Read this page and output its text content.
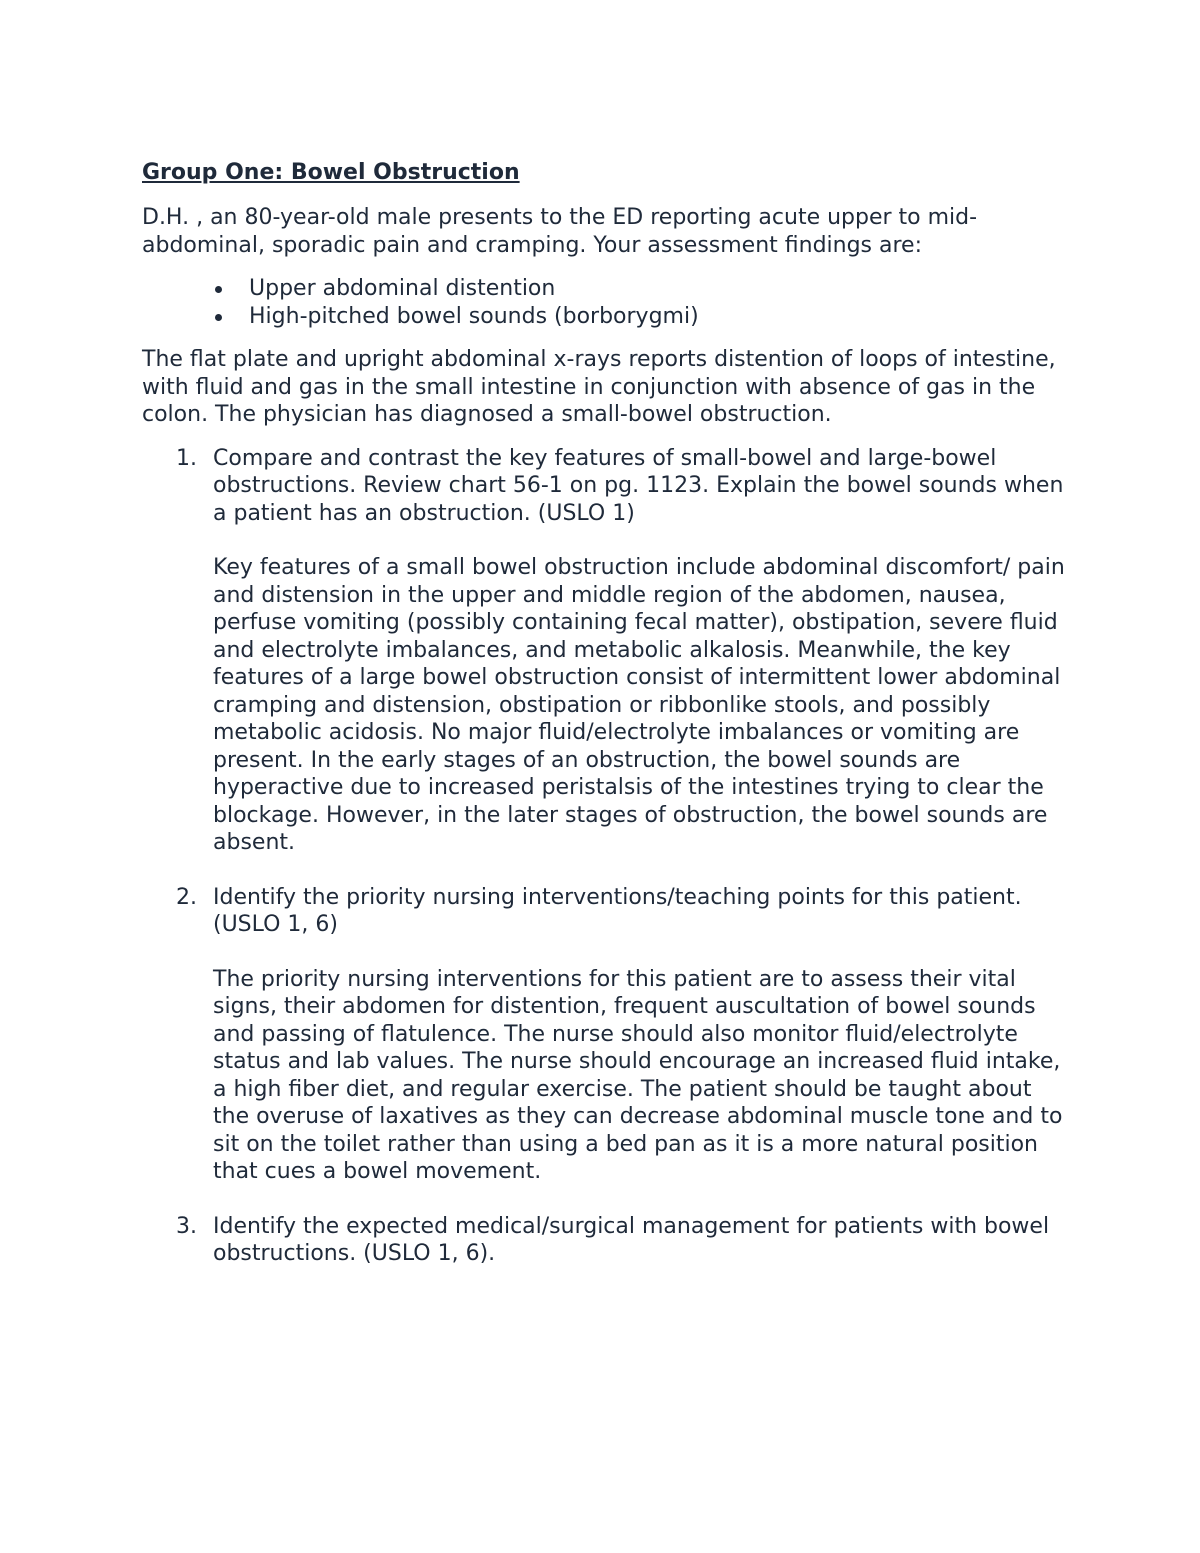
Group One: Bowel Obstruction

D.H. , an 80-year-old male presents to the ED reporting acute upper to mid-abdominal, sporadic pain and cramping. Your assessment findings are:

Upper abdominal distention
High-pitched bowel sounds (borborygmi)

The flat plate and upright abdominal x-rays reports distention of loops of intestine, with fluid and gas in the small intestine in conjunction with absence of gas in the colon. The physician has diagnosed a small-bowel obstruction.

1. Compare and contrast the key features of small-bowel and large-bowel obstructions. Review chart 56-1 on pg. 1123. Explain the bowel sounds when a patient has an obstruction. (USLO 1)

Key features of a small bowel obstruction include abdominal discomfort/ pain and distension in the upper and middle region of the abdomen, nausea, perfuse vomiting (possibly containing fecal matter), obstipation, severe fluid and electrolyte imbalances, and metabolic alkalosis. Meanwhile, the key features of a large bowel obstruction consist of intermittent lower abdominal cramping and distension, obstipation or ribbonlike stools, and possibly metabolic acidosis. No major fluid/electrolyte imbalances or vomiting are present. In the early stages of an obstruction, the bowel sounds are hyperactive due to increased peristalsis of the intestines trying to clear the blockage. However, in the later stages of obstruction, the bowel sounds are absent.

2. Identify the priority nursing interventions/teaching points for this patient. (USLO 1, 6)

The priority nursing interventions for this patient are to assess their vital signs, their abdomen for distention, frequent auscultation of bowel sounds and passing of flatulence. The nurse should also monitor fluid/electrolyte status and lab values. The nurse should encourage an increased fluid intake, a high fiber diet, and regular exercise. The patient should be taught about the overuse of laxatives as they can decrease abdominal muscle tone and to sit on the toilet rather than using a bed pan as it is a more natural position that cues a bowel movement.

3. Identify the expected medical/surgical management for patients with bowel obstructions. (USLO 1, 6).
